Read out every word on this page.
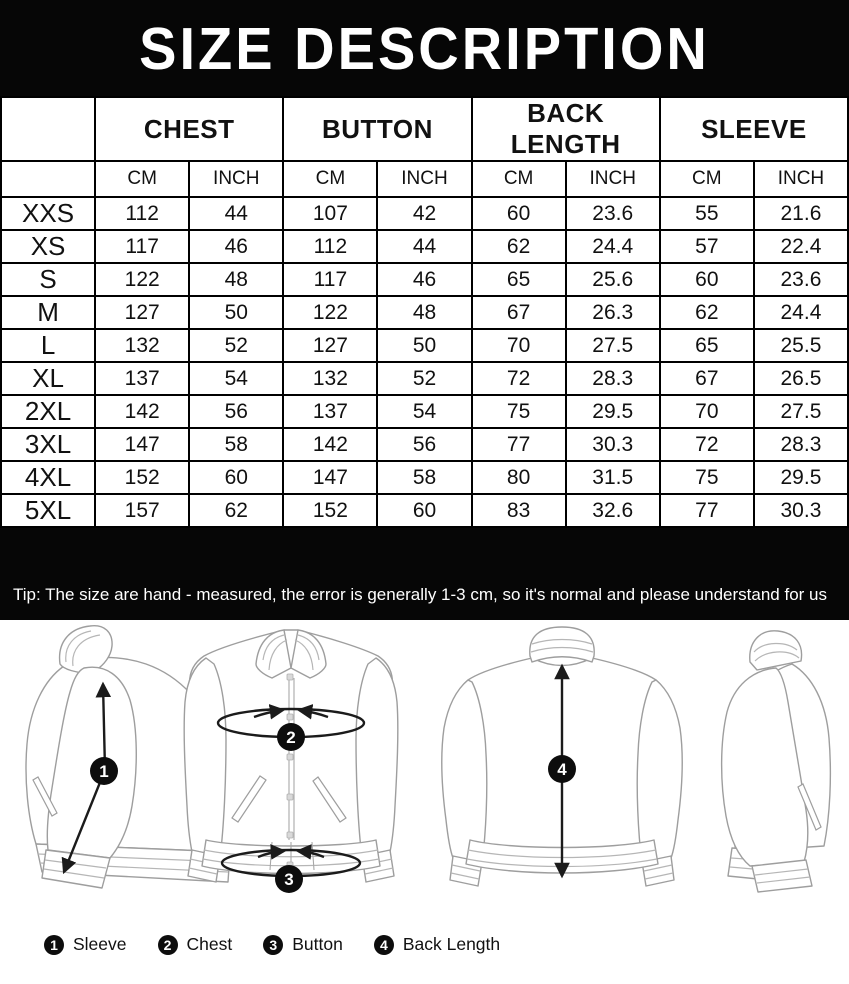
SIZE DESCRIPTION
	CHEST		BUTTON		BACK LENGTH		SLEEVE	
	CM	INCH	CM	INCH	CM	INCH	CM	INCH
XXS	112	44	107	42	60	23.6	55	21.6
XS	117	46	112	44	62	24.4	57	22.4
S	122	48	117	46	65	25.6	60	23.6
M	127	50	122	48	67	26.3	62	24.4
L	132	52	127	50	70	27.5	65	25.5
XL	137	54	132	52	72	28.3	67	26.5
2XL	142	56	137	54	75	29.5	70	27.5
3XL	147	58	142	56	77	30.3	72	28.3
4XL	152	60	147	58	80	31.5	75	29.5
5XL	157	62	152	60	83	32.6	77	30.3

Tip: The size are hand - measured, the error is generally 1-3 cm, so it's normal and please understand for us

1
2
3
4
1 Sleeve	2 Chest	3 Button	4 Back Length
